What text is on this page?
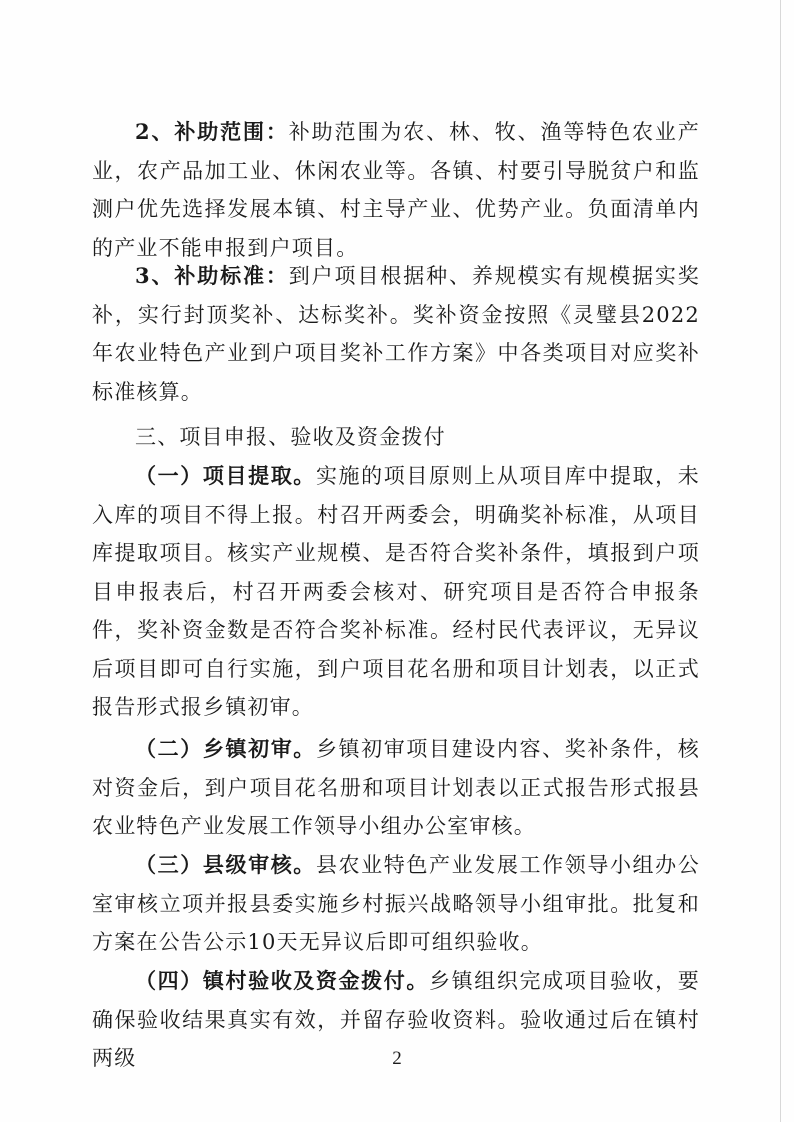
2、补助范围：补助范围为农、林、牧、渔等特色农业产业，农产品加工业、休闲农业等。各镇、村要引导脱贫户和监测户优先选择发展本镇、村主导产业、优势产业。负面清单内的产业不能申报到户项目。

3、补助标准：到户项目根据种、养规模实有规模据实奖补，实行封顶奖补、达标奖补。奖补资金按照《灵璧县2022年农业特色产业到户项目奖补工作方案》中各类项目对应奖补标准核算。

三、项目申报、验收及资金拨付

（一）项目提取。实施的项目原则上从项目库中提取，未入库的项目不得上报。村召开两委会，明确奖补标准，从项目库提取项目。核实产业规模、是否符合奖补条件，填报到户项目申报表后，村召开两委会核对、研究项目是否符合申报条件，奖补资金数是否符合奖补标准。经村民代表评议，无异议后项目即可自行实施，到户项目花名册和项目计划表，以正式报告形式报乡镇初审。

（二）乡镇初审。乡镇初审项目建设内容、奖补条件，核对资金后，到户项目花名册和项目计划表以正式报告形式报县农业特色产业发展工作领导小组办公室审核。

（三）县级审核。县农业特色产业发展工作领导小组办公室审核立项并报县委实施乡村振兴战略领导小组审批。批复和方案在公告公示10天无异议后即可组织验收。

（四）镇村验收及资金拨付。乡镇组织完成项目验收，要确保验收结果真实有效，并留存验收资料。验收通过后在镇村两级	2
